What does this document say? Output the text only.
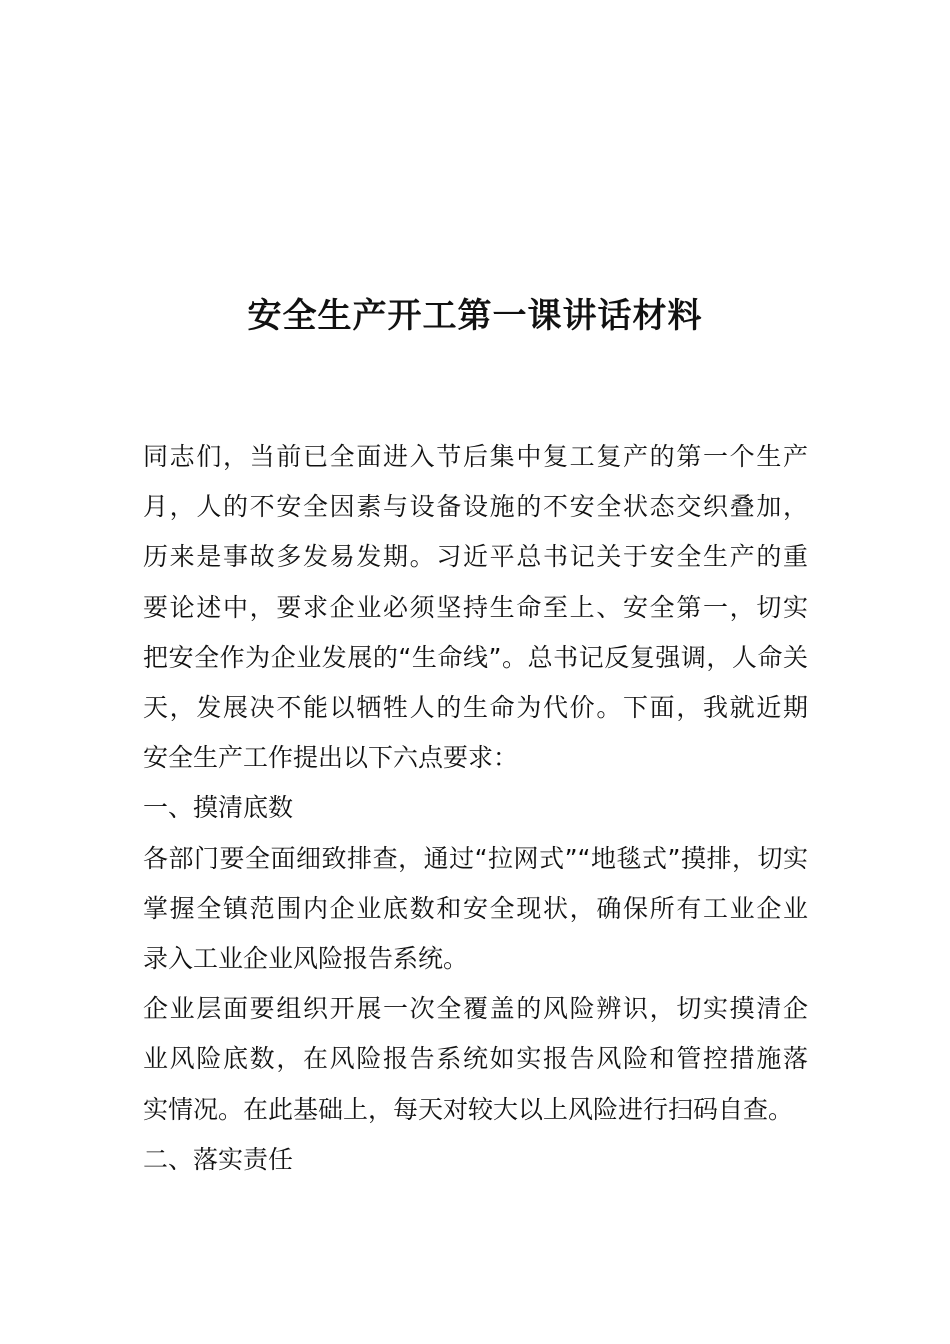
安全生产开工第一课讲话材料

同志们，当前已全面进入节后集中复工复产的第一个生产
月，人的不安全因素与设备设施的不安全状态交织叠加，
历来是事故多发易发期。习近平总书记关于安全生产的重
要论述中，要求企业必须坚持生命至上、安全第一，切实
把安全作为企业发展的“生命线”。总书记反复强调，人命关
天，发展决不能以牺牲人的生命为代价。下面，我就近期
安全生产工作提出以下六点要求：

一、摸清底数

各部门要全面细致排查，通过“拉网式”“地毯式”摸排，切实
掌握全镇范围内企业底数和安全现状，确保所有工业企业
录入工业企业风险报告系统。

企业层面要组织开展一次全覆盖的风险辨识，切实摸清企
业风险底数，在风险报告系统如实报告风险和管控措施落
实情况。在此基础上，每天对较大以上风险进行扫码自查。

二、落实责任
